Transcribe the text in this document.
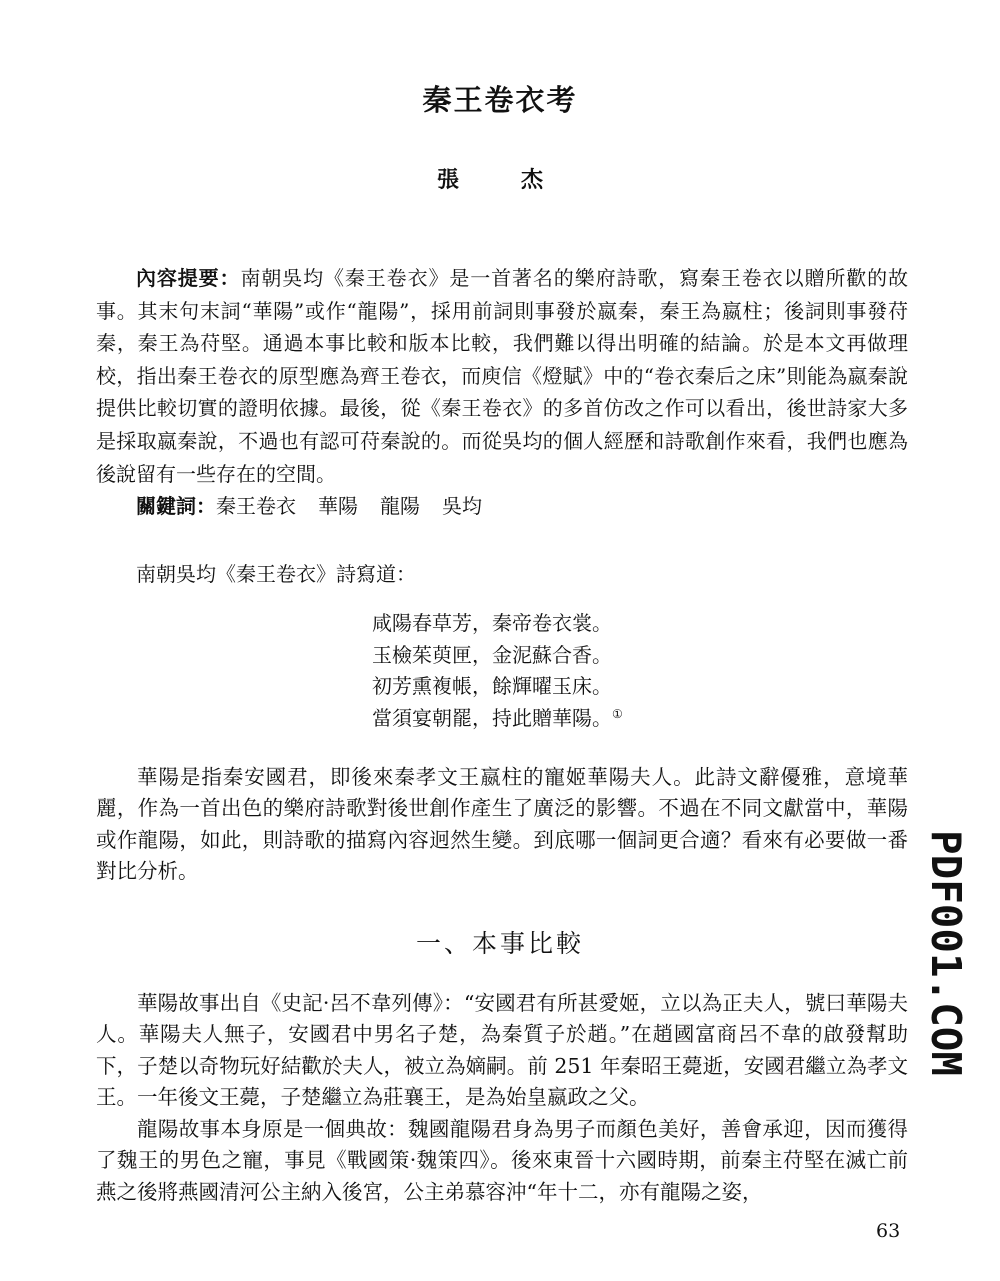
秦王卷衣考
張　杰

內容提要：南朝吳均《秦王卷衣》是一首著名的樂府詩歌，寫秦王卷衣以贈所歡的故事。其末句末詞“華陽”或作“龍陽”，採用前詞則事發於嬴秦，秦王為嬴柱；後詞則事發苻秦，秦王為苻堅。通過本事比較和版本比較，我們難以得出明確的結論。於是本文再做理校，指出秦王卷衣的原型應為齊王卷衣，而庾信《燈賦》中的“卷衣秦后之床”則能為嬴秦說提供比較切實的證明依據。最後，從《秦王卷衣》的多首仿改之作可以看出，後世詩家大多是採取嬴秦說，不過也有認可苻秦說的。而從吳均的個人經歷和詩歌創作來看，我們也應為後說留有一些存在的空間。

關鍵詞：秦王卷衣 華陽 龍陽 吳均

南朝吳均《秦王卷衣》詩寫道：

咸陽春草芳，秦帝卷衣裳。
玉檢茱萸匣，金泥蘇合香。
初芳熏複帳，餘輝曜玉床。
當須宴朝罷，持此贈華陽。①

華陽是指秦安國君，即後來秦孝文王嬴柱的寵姬華陽夫人。此詩文辭優雅，意境華麗，作為一首出色的樂府詩歌對後世創作產生了廣泛的影響。不過在不同文獻當中，華陽或作龍陽，如此，則詩歌的描寫內容迥然生變。到底哪一個詞更合適？看來有必要做一番對比分析。

一、本事比較

華陽故事出自《史記·呂不韋列傳》：“安國君有所甚愛姬，立以為正夫人，號曰華陽夫人。華陽夫人無子，安國君中男名子楚，為秦質子於趙。”在趙國富商呂不韋的啟發幫助下，子楚以奇物玩好結歡於夫人，被立為嫡嗣。前 251 年秦昭王薨逝，安國君繼立為孝文王。一年後文王薨，子楚繼立為莊襄王，是為始皇嬴政之父。

龍陽故事本身原是一個典故：魏國龍陽君身為男子而顏色美好，善會承迎，因而獲得了魏王的男色之寵，事見《戰國策·魏策四》。後來東晉十六國時期，前秦主苻堅在滅亡前燕之後將燕國清河公主納入後宮，公主弟慕容沖“年十二，亦有龍陽之姿，

PDF001.COM
63
